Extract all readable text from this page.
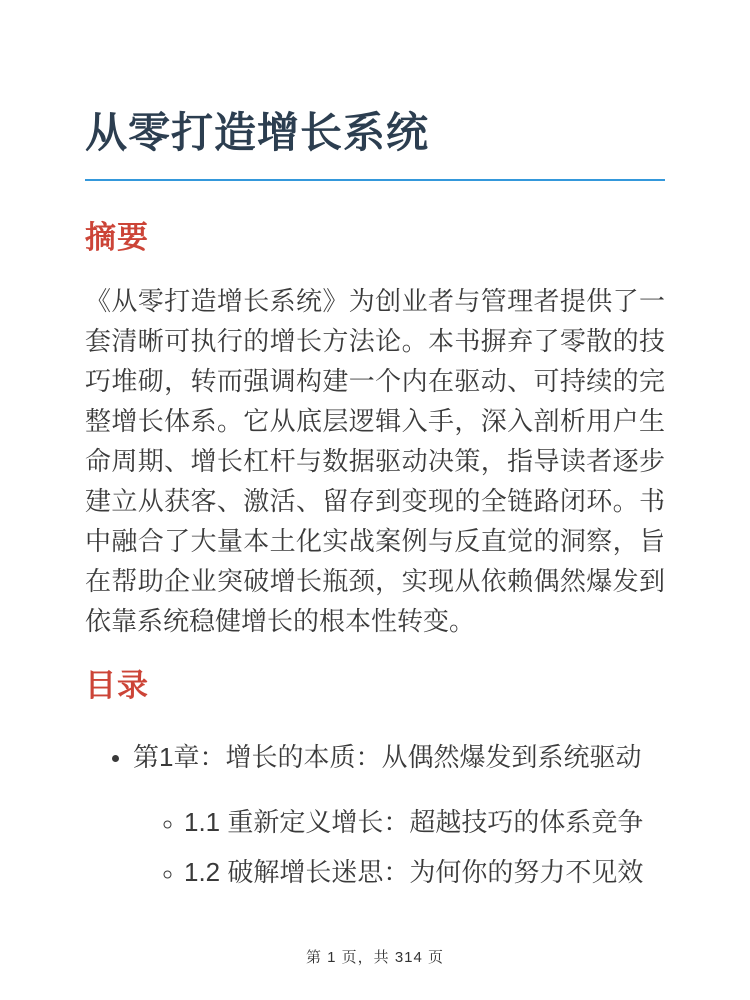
从零打造增长系统
摘要

《从零打造增长系统》为创业者与管理者提供了一套清晰可执行的增长方法论。本书摒弃了零散的技巧堆砌，转而强调构建一个内在驱动、可持续的完整增长体系。它从底层逻辑入手，深入剖析用户生命周期、增长杠杆与数据驱动决策，指导读者逐步建立从获客、激活、留存到变现的全链路闭环。书中融合了大量本土化实战案例与反直觉的洞察，旨在帮助企业突破增长瓶颈，实现从依赖偶然爆发到依靠系统稳健增长的根本性转变。

目录
• 第1章：增长的本质：从偶然爆发到系统驱动
◦ 1.1 重新定义增长：超越技巧的体系竞争
◦ 1.2 破解增长迷思：为何你的努力不见效
第 1 页，共 314 页
